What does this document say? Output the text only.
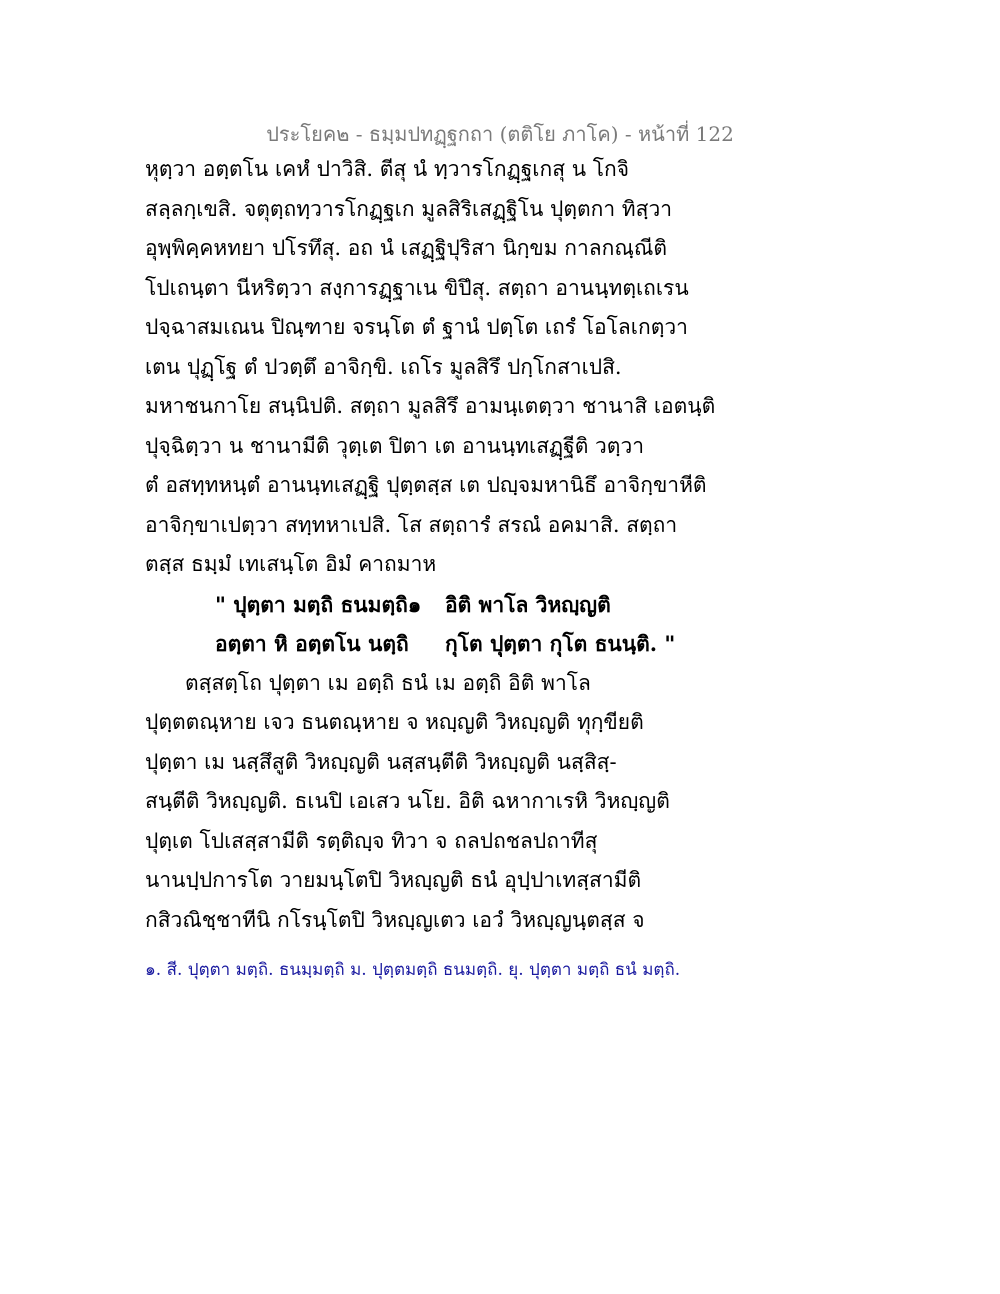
ประโยค๒ - ธมฺมปทฏฺฐกถา (ตติโย ภาโค) - หน้าที่ 122
หุตฺวา อตฺตโน เคหํ ปาวิสิ. ตีสุ นํ ทฺวารโกฏฺฐเกสุ น โกจิ
สลฺลกฺเขสิ. จตุตฺถทฺวารโกฏฺฐเก มูลสิริเสฏฺฐิโน ปุตฺตกา ทิสฺวา
อุพฺพิคฺคหทยา ปโรทึสุ. อถ นํ เสฏฺฐิปุริสา นิกฺขม กาลกณฺณีติ
โปเถนฺตา นีหริตฺวา สงฺการฏฺฐาเน ขิปึสุ. สตฺถา อานนฺทตฺเถเรน
ปจฺฉาสมเณน ปิณฺฑาย จรนฺโต ตํ ฐานํ ปตฺโต เถรํ โอโลเกตฺวา
เตน ปุฏฺโฐ ตํ ปวตฺตึ อาจิกฺขิ. เถโร มูลสิรึ ปกฺโกสาเปสิ.
มหาชนกาโย สนฺนิปติ. สตฺถา มูลสิรึ อามนฺเตตฺวา ชานาสิ เอตนฺติ
ปุจฺฉิตฺวา น ชานามีติ วุตฺเต ปิตา เต อานนฺทเสฏฺฐีติ วตฺวา
ตํ อสทฺทหนฺตํ อานนฺทเสฏฺฐิ ปุตฺตสฺส เต ปญฺจมหานิธึ อาจิกฺขาหีติ
อาจิกฺขาเปตฺวา สทฺทหาเปสิ. โส สตฺถารํ สรณํ อคมาสิ. สตฺถา
ตสฺส ธมฺมํ เทเสนฺโต อิมํ คาถมาห
" ปุตฺตา มตฺถิ ธนมตฺถิ๑ อิติ พาโล วิหญฺญติ
อตฺตา หิ อตฺตโน นตฺถิ กุโต ปุตฺตา กุโต ธนนฺติ. "
ตสฺสตฺโถ ปุตฺตา เม อตฺถิ ธนํ เม อตฺถิ อิติ พาโล
ปุตฺตตณฺหาย เจว ธนตณฺหาย จ หญฺญติ วิหญฺญติ ทุกฺขียติ
ปุตฺตา เม นสฺสึสูติ วิหญฺญติ นสฺสนฺตีติ วิหญฺญติ นสฺสิสฺ-
สนฺตีติ วิหญฺญติ. ธเนปิ เอเสว นโย. อิติ ฉหากาเรหิ วิหญฺญติ
ปุตฺเต โปเสสฺสามีติ รตฺติญฺจ ทิวา จ ถลปถชลปถาทีสุ
นานปฺปการโต วายมนฺโตปิ วิหญฺญติ ธนํ อุปฺปาเทสฺสามีติ
กสิวณิชฺชาทีนิ กโรนฺโตปิ วิหญฺญเตว เอวํ วิหญฺญนฺตสฺส จ
๑. สี. ปุตฺตา มตฺถิ. ธนมฺมตฺถิ ม. ปุตฺตมตฺถิ ธนมตฺถิ. ยุ. ปุตฺตา มตฺถิ ธนํ มตฺถิ.
